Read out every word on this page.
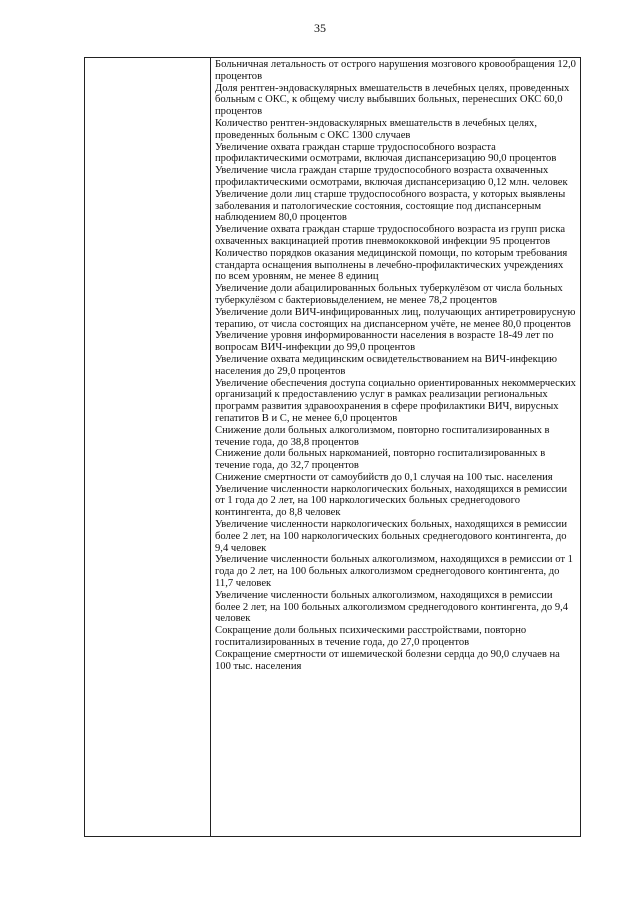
35
Больничная летальность от острого нарушения мозгового кровообращения 12,0 процентов
Доля рентген-эндоваскулярных вмешательств в лечебных целях, проведенных больным с ОКС, к общему числу выбывших больных, перенесших ОКС 60,0 процентов
Количество рентген-эндоваскулярных вмешательств в лечебных целях, проведенных больным с ОКС 1300 случаев
Увеличение охвата граждан старше трудоспособного возраста профилактическими осмотрами, включая диспансеризацию 90,0 процентов
Увеличение числа граждан старше трудоспособного возраста охваченных профилактическими осмотрами, включая диспансеризацию 0,12 млн. человек
Увеличение доли лиц старше трудоспособного возраста, у которых выявлены заболевания и патологические состояния, состоящие под диспансерным наблюдением 80,0 процентов
Увеличение охвата граждан старше трудоспособного возраста из групп риска охваченных вакцинацией против пневмококковой инфекции 95 процентов
Количество порядков оказания медицинской помощи, по которым требования стандарта оснащения выполнены в лечебно-профилактических учреждениях по всем уровням, не менее 8 единиц
Увеличение доли абацилированных больных туберкулёзом от числа больных туберкулёзом с бактериовыделением, не менее 78,2 процентов
Увеличение доли ВИЧ-инфицированных лиц, получающих антиретровирусную терапию, от числа состоящих на диспансерном учёте, не менее 80,0 процентов
Увеличение уровня информированности населения в возрасте 18-49 лет по вопросам ВИЧ-инфекции до 99,0 процентов
Увеличение охвата медицинским освидетельствованием на ВИЧ-инфекцию населения до 29,0 процентов
Увеличение обеспечения доступа социально ориентированных некоммерческих организаций к предоставлению услуг в рамках реализации региональных программ развития здравоохранения в сфере профилактики ВИЧ, вирусных гепатитов В и С, не менее 6,0 процентов
Снижение доли больных алкоголизмом, повторно госпитализированных в течение года, до 38,8 процентов
Снижение доли больных наркоманией, повторно госпитализированных в течение года, до 32,7 процентов
Снижение смертности от самоубийств до 0,1 случая на 100 тыс. населения
Увеличение численности наркологических больных, находящихся в ремиссии от 1 года до 2 лет, на 100 наркологических больных среднегодового контингента, до 8,8 человек
Увеличение численности наркологических больных, находящихся в ремиссии более 2 лет, на 100 наркологических больных среднегодового контингента, до 9,4 человек
Увеличение численности больных алкоголизмом, находящихся в ремиссии от 1 года до 2 лет, на 100 больных алкоголизмом среднегодового контингента, до 11,7 человек
Увеличение численности больных алкоголизмом, находящихся в ремиссии более 2 лет, на 100 больных алкоголизмом среднегодового контингента, до 9,4 человек
Сокращение доли больных психическими расстройствами, повторно госпитализированных в течение года, до 27,0 процентов
Сокращение смертности от ишемической болезни сердца до 90,0 случаев на 100 тыс. населения
